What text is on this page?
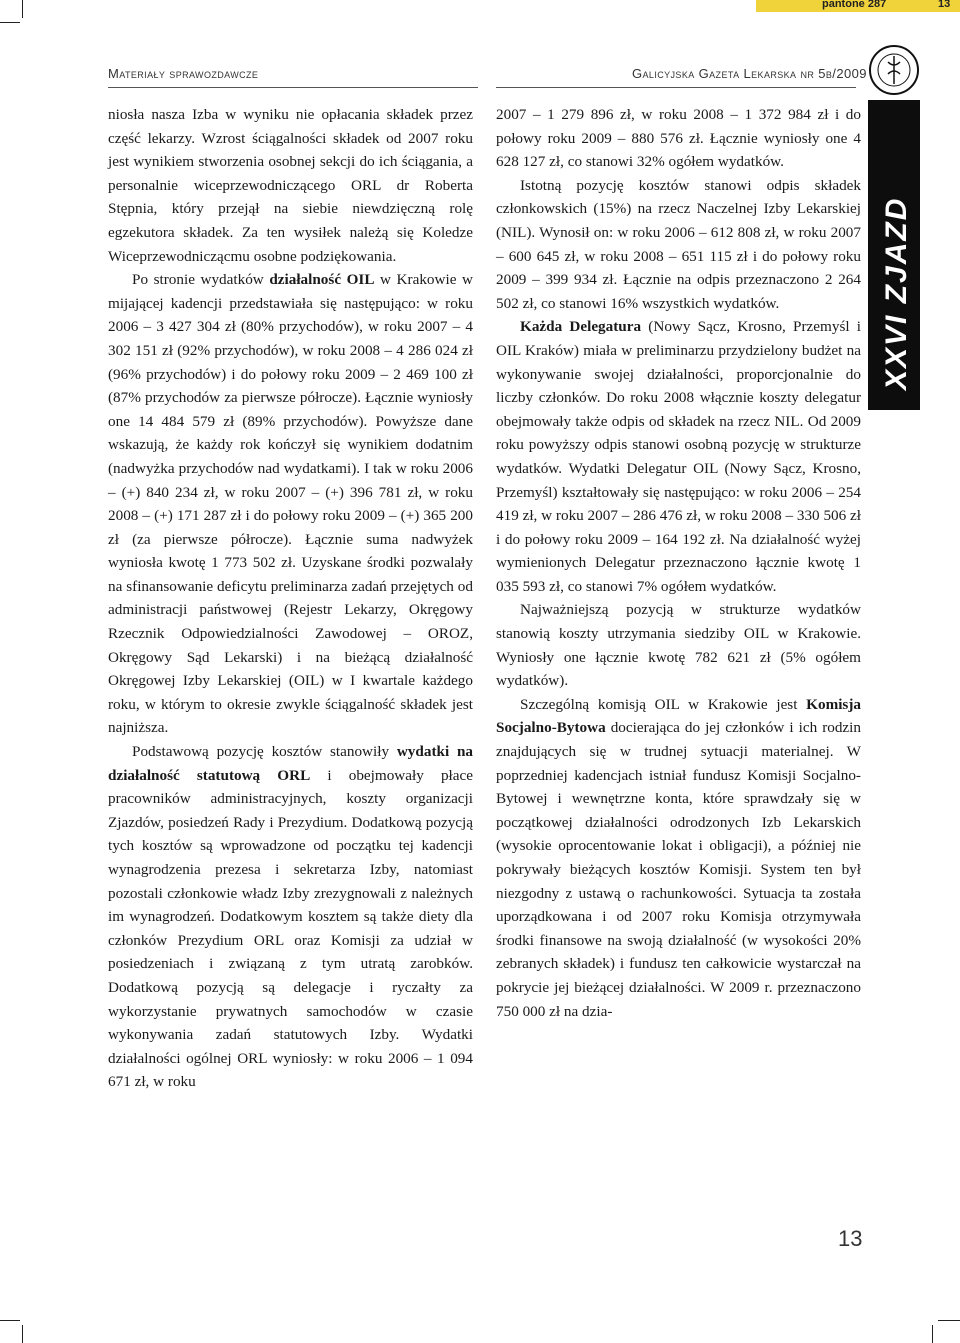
pantone 287	13
Materiały sprawozdawcze	Galicyjska Gazeta Lekarska nr 5b/2009
XXVI ZJAZD

niosła nasza Izba w wyniku nie opłacania składek przez część lekarzy. Wzrost ściągalności składek od 2007 roku jest wynikiem stworzenia osobnej sekcji do ich ściągania, a personalnie wiceprzewodniczącego ORL dr Roberta Stępnia, który przejął na siebie niewdzięczną rolę egzekutora składek. Za ten wysiłek należą się Koledze Wiceprzewodniczącmu osobne podziękowania.

Po stronie wydatków działalność OIL w Krakowie w mijającej kadencji przedstawiała się następująco: w roku 2006 – 3 427 304 zł (80% przychodów), w roku 2007 – 4 302 151 zł (92% przychodów), w roku 2008 – 4 286 024 zł (96% przychodów) i do połowy roku 2009 – 2 469 100 zł (87% przychodów za pierwsze półrocze). Łącznie wyniosły one 14 484 579 zł (89% przychodów). Powyższe dane wskazują, że każdy rok kończył się wynikiem dodatnim (nadwyżka przychodów nad wydatkami). I tak w roku 2006 – (+) 840 234 zł, w roku 2007 – (+) 396 781 zł, w roku 2008 – (+) 171 287 zł i do połowy roku 2009 – (+) 365 200 zł (za pierwsze półrocze). Łącznie suma nadwyżek wyniosła kwotę 1 773 502 zł. Uzyskane środki pozwalały na sfinansowanie deficytu preliminarza zadań przejętych od administracji państwowej (Rejestr Lekarzy, Okręgowy Rzecznik Odpowiedzialności Zawodowej – OROZ, Okręgowy Sąd Lekarski) i na bieżącą działalność Okręgowej Izby Lekarskiej (OIL) w I kwartale każdego roku, w którym to okresie zwykle ściągalność składek jest najniższa.

Podstawową pozycję kosztów stanowiły wydatki na działalność statutową ORL i obejmowały płace pracowników administracyjnych, koszty organizacji Zjazdów, posiedzeń Rady i Prezydium. Dodatkową pozycją tych kosztów są wprowadzone od początku tej kadencji wynagrodzenia prezesa i sekretarza Izby, natomiast pozostali członkowie władz Izby zrezygnowali z należnych im wynagrodzeń. Dodatkowym kosztem są także diety dla członków Prezydium ORL oraz Komisji za udział w posiedzeniach i związaną z tym utratą zarobków. Dodatkową pozycją są delegacje i ryczałty za wykorzystanie prywatnych samochodów w czasie wykonywania zadań statutowych Izby. Wydatki działalności ogólnej ORL wyniosły: w roku 2006 – 1 094 671 zł, w roku

2007 – 1 279 896 zł, w roku 2008 – 1 372 984 zł i do połowy roku 2009 – 880 576 zł. Łącznie wyniosły one 4 628 127 zł, co stanowi 32% ogółem wydatków.

Istotną pozycję kosztów stanowi odpis składek członkowskich (15%) na rzecz Naczelnej Izby Lekarskiej (NIL). Wynosił on: w roku 2006 – 612 808 zł, w roku 2007 – 600 645 zł, w roku 2008 – 651 115 zł i do połowy roku 2009 – 399 934 zł. Łącznie na odpis przeznaczono 2 264 502 zł, co stanowi 16% wszystkich wydatków.

Każda Delegatura (Nowy Sącz, Krosno, Przemyśl i OIL Kraków) miała w preliminarzu przydzielony budżet na wykonywanie swojej działalności, proporcjonalnie do liczby członków. Do roku 2008 włącznie koszty delegatur obejmowały także odpis od składek na rzecz NIL. Od 2009 roku powyższy odpis stanowi osobną pozycję w strukturze wydatków. Wydatki Delegatur OIL (Nowy Sącz, Krosno, Przemyśl) kształtowały się następująco: w roku 2006 – 254 419 zł, w roku 2007 – 286 476 zł, w roku 2008 – 330 506 zł i do połowy roku 2009 – 164 192 zł. Na działalność wyżej wymienionych Delegatur przeznaczono łącznie kwotę 1 035 593 zł, co stanowi 7% ogółem wydatków.

Najważniejszą pozycją w strukturze wydatków stanowią koszty utrzymania siedziby OIL w Krakowie. Wyniosły one łącznie kwotę 782 621 zł (5% ogółem wydatków).

Szczególną komisją OIL w Krakowie jest Komisja Socjalno-Bytowa docierająca do jej członków i ich rodzin znajdujących się w trudnej sytuacji materialnej. W poprzedniej kadencjach istniał fundusz Komisji Socjalno-Bytowej i wewnętrzne konta, które sprawdzały się w początkowej działalności odrodzonych Izb Lekarskich (wysokie oprocentowanie lokat i obligacji), a później nie pokrywały bieżących kosztów Komisji. System ten był niezgodny z ustawą o rachunkowości. Sytuacja ta została uporządkowana i od 2007 roku Komisja otrzymywała środki finansowe na swoją działalność (w wysokości 20% zebranych składek) i fundusz ten całkowicie wystarczał na pokrycie jej bieżącej działalności. W 2009 r. przeznaczono 750 000 zł na dzia-

13
